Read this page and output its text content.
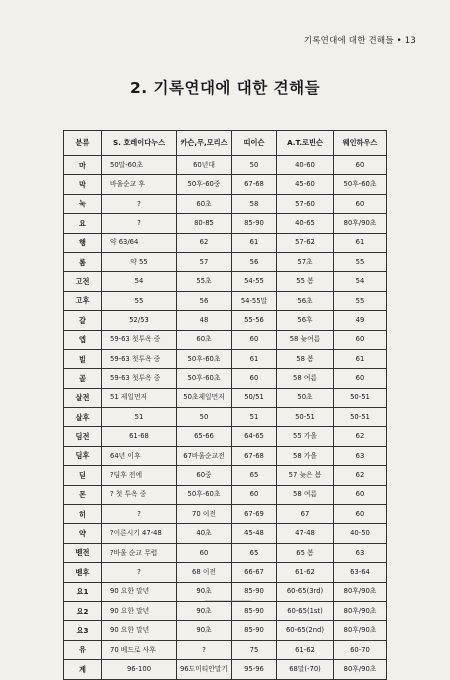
기록연대에 대한 견해들 • 13
2. 기록연대에 대한 견해들
분류	S. 호레이다누스	카슨,무,모리스	띠이슨	A.T.로빈슨	웨인하우스
마	50말-60초	60년대	50	40-60	60
막	바울순교 후	50후-60중	67-68	45-60	50후-60초
눅	?	60초	58	57-60	60
요	?	80-85	85-90	40-65	80후/90초
행	약 63/64	62	61	57-62	61
롬	약 55	57	56	57초	55
고전	54	55초	54-55	55 봄	54
고후	55	56	54-55말	56초	55
갈	52/53	48	55-56	56후	49
엡	59-63 첫투옥 중	60초	60	58 늦여름	60
빌	59-63 첫투옥 중	50후-60초	61	58 봄	61
골	59-63 첫투옥 중	50후-60초	60	58 여름	60
살전	51 제일먼저	50초제일먼저	50/51	50초	50-51
살후	51	50	51	50-51	50-51
딤전	61-68	65-66	64-65	55 가을	62
딤후	64년 이후	67바울순교전	67-68	58 가을	63
딛	?딤후 전에	60중	65	57 늦은 봄	62
몬	? 첫 투옥 중	50후-60초	60	58 여름	60
히	?	70 이전	67-69	67	60
약	?이른시기 47-48	40초	45-48	47-48	40-50
벧전	?바울 순교 무렵	60	65	65 봄	63
벧후	?	68 이전	66-67	61-62	63-64
요1	90 요한 말년	90초	85-90	60-65(3rd)	80후/90초
요2	90 요한 말년	90초	85-90	60-65(1st)	80후/90초
요3	90 요한 말년	90초	85-90	60-65(2nd)	80후/90초
유	70 베드로 사후	?	75	61-62	60-70
계	96-100	96도미티안말기	95-96	68말(-70)	80후/90초
―――――――
